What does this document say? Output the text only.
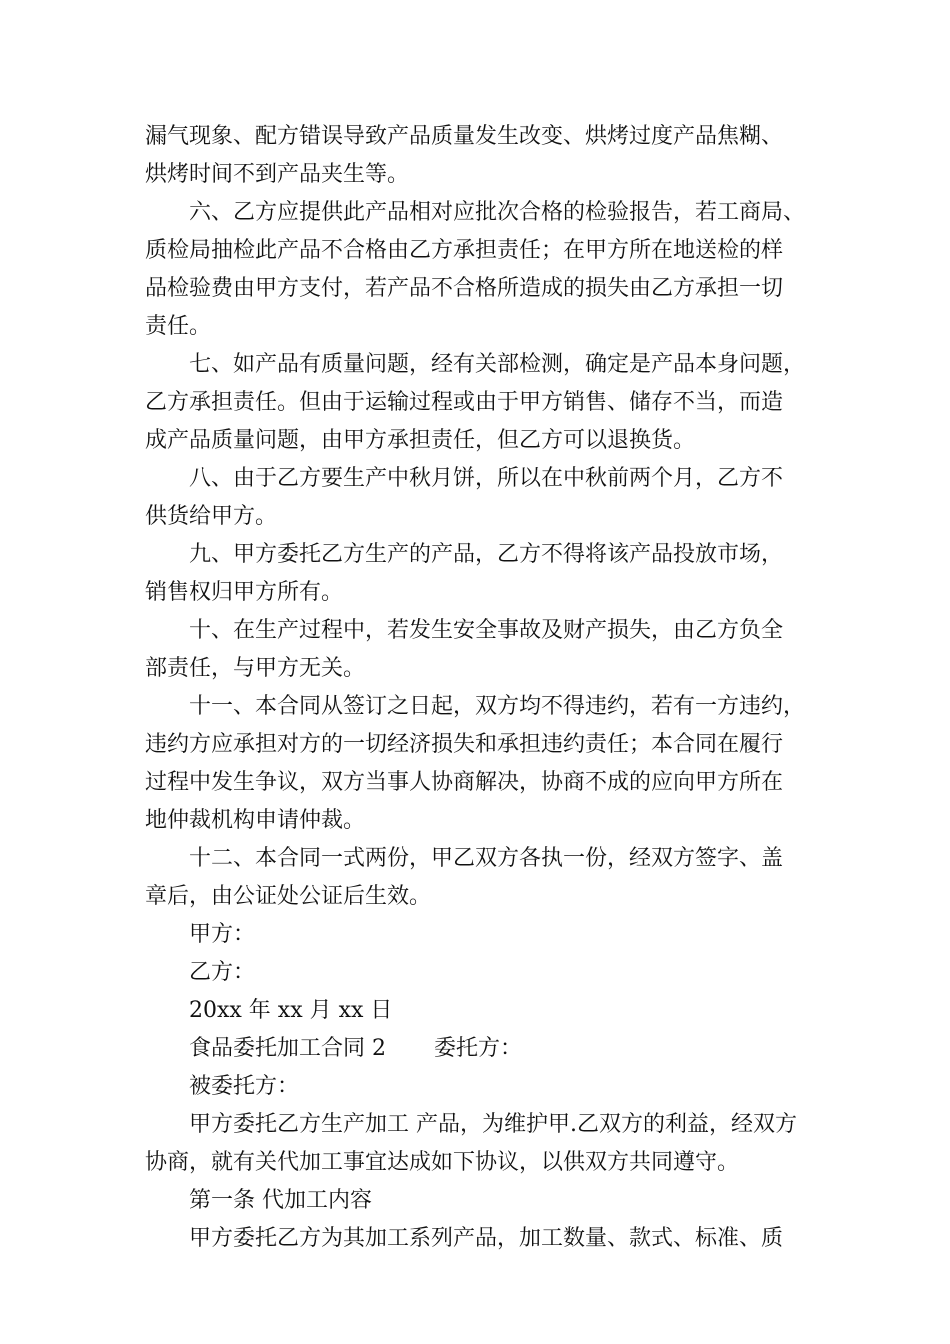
漏气现象、配方错误导致产品质量发生改变、烘烤过度产品焦糊、
烘烤时间不到产品夹生等。
六、乙方应提供此产品相对应批次合格的检验报告，若工商局、
质检局抽检此产品不合格由乙方承担责任；在甲方所在地送检的样
品检验费由甲方支付，若产品不合格所造成的损失由乙方承担一切
责任。
七、如产品有质量问题，经有关部检测，确定是产品本身问题，
乙方承担责任。但由于运输过程或由于甲方销售、储存不当，而造
成产品质量问题，由甲方承担责任，但乙方可以退换货。
八、由于乙方要生产中秋月饼，所以在中秋前两个月，乙方不
供货给甲方。
九、甲方委托乙方生产的产品，乙方不得将该产品投放市场，
销售权归甲方所有。
十、在生产过程中，若发生安全事故及财产损失，由乙方负全
部责任，与甲方无关。
十一、本合同从签订之日起，双方均不得违约，若有一方违约，
违约方应承担对方的一切经济损失和承担违约责任；本合同在履行
过程中发生争议，双方当事人协商解决，协商不成的应向甲方所在
地仲裁机构申请仲裁。
十二、本合同一式两份，甲乙双方各执一份，经双方签字、盖
章后，由公证处公证后生效。
甲方：
乙方：
20xx 年 xx 月 xx 日
食品委托加工合同 2 委托方：
被委托方：
甲方委托乙方生产加工 产品，为维护甲.乙双方的利益，经双方
协商，就有关代加工事宜达成如下协议，以供双方共同遵守。
第一条 代加工内容
甲方委托乙方为其加工系列产品，加工数量、款式、标准、质
